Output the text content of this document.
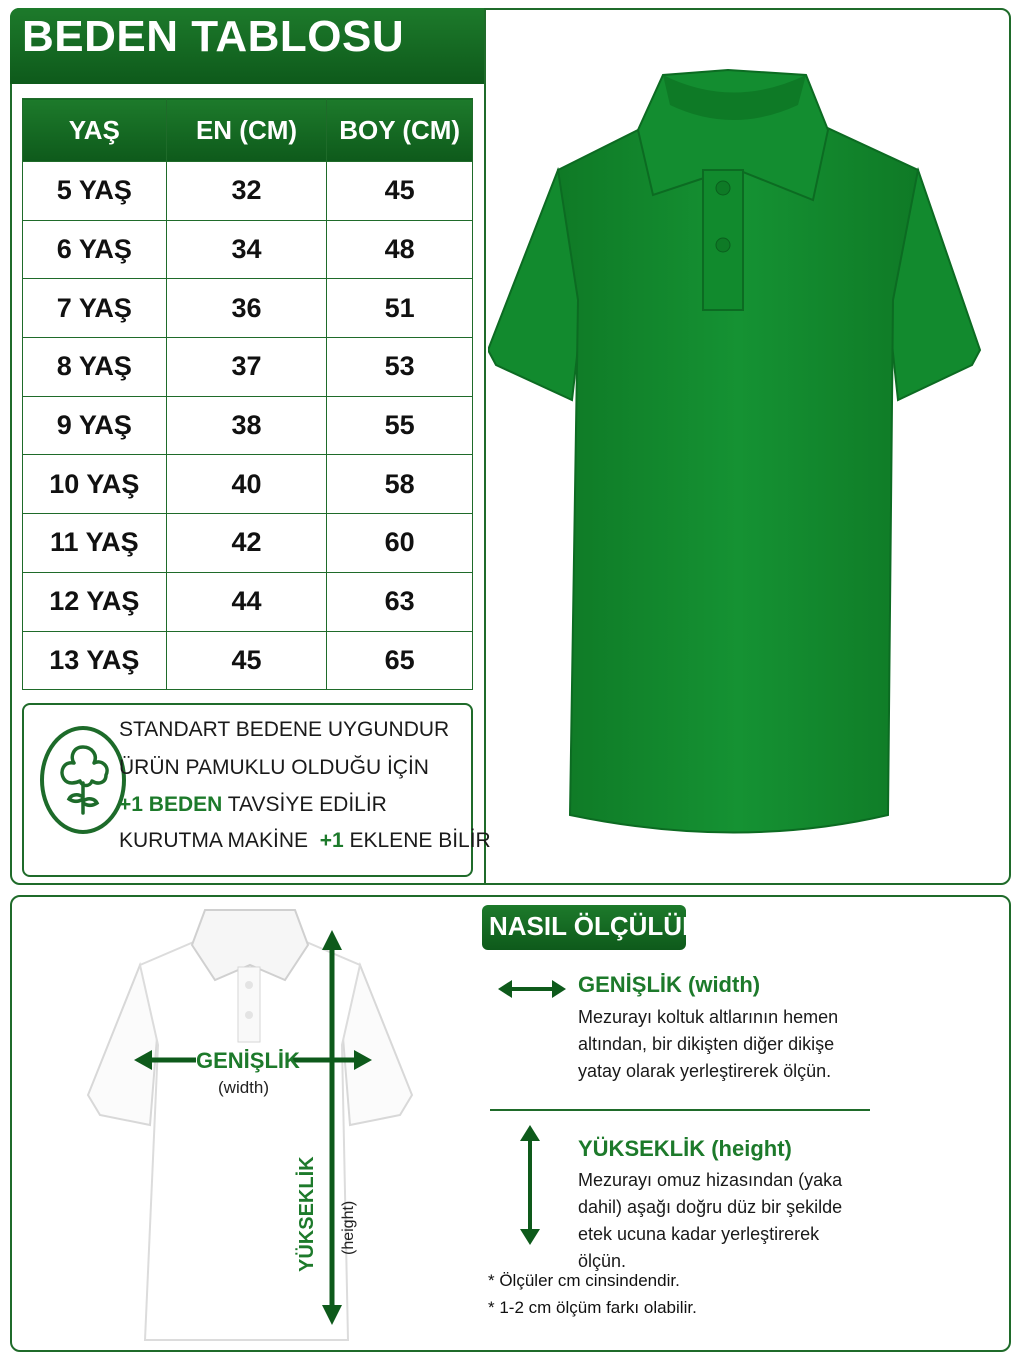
BEDEN TABLOSU
YAŞ	EN (CM)	BOY (CM)
5 YAŞ	32	45
6 YAŞ	34	48
7 YAŞ	36	51
8 YAŞ	37	53
9 YAŞ	38	55
10 YAŞ	40	58
11 YAŞ	42	60
12 YAŞ	44	63
13 YAŞ	45	65
STANDART BEDENE UYGUNDUR
ÜRÜN PAMUKLU OLDUĞU İÇİN
+1 BEDEN TAVSİYE EDİLİR
KURUTMA MAKİNE  +1 EKLENE BİLİR
GENİŞLİK
(width)
YÜKSEKLİK (height)
NASIL ÖLÇÜLÜR?
GENİŞLİK (width)
Mezurayı koltuk altlarının hemen altından, bir dikişten diğer dikişe yatay olarak yerleştirerek ölçün.
YÜKSEKLİK (height)
Mezurayı omuz hizasından (yaka dahil) aşağı doğru düz bir şekilde etek ucuna kadar yerleştirerek ölçün.
* Ölçüler cm cinsindendir.
* 1-2 cm ölçüm farkı olabilir.
